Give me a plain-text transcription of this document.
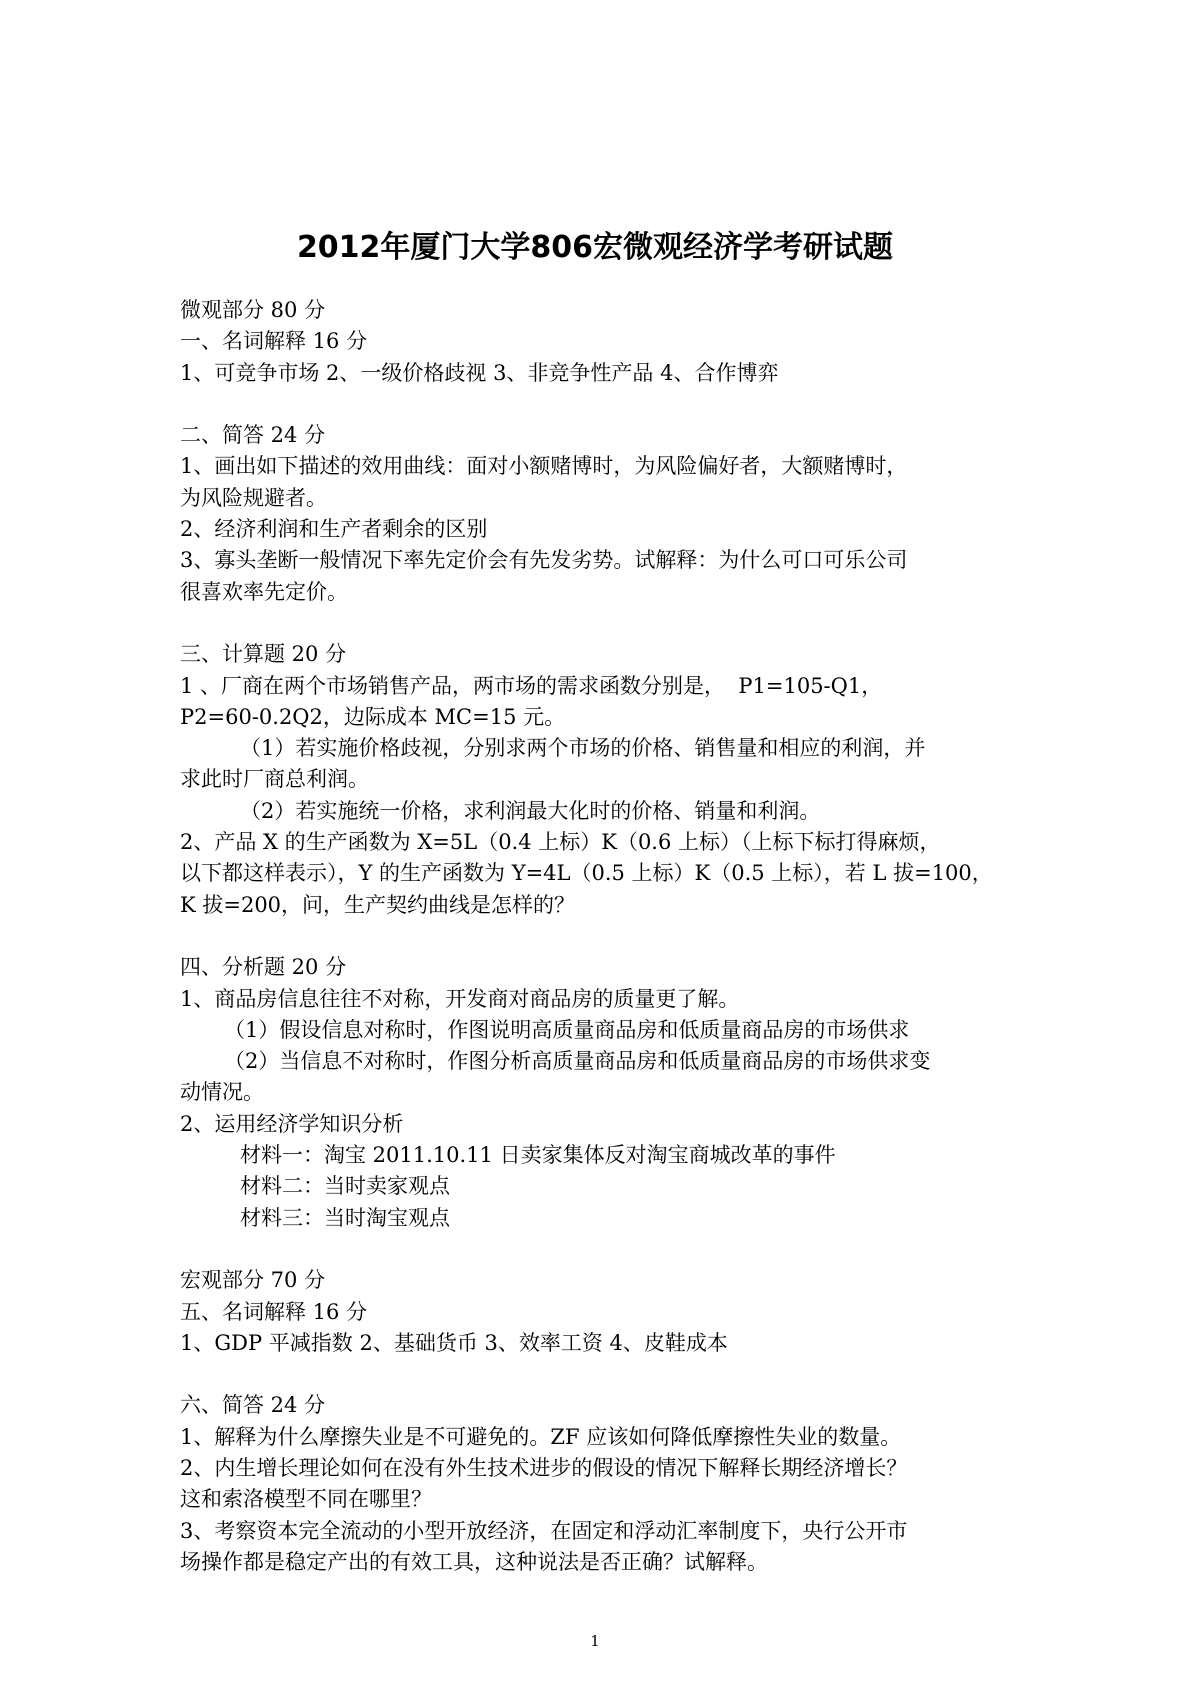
2012年厦门大学806宏微观经济学考研试题
微观部分 80 分
一、名词解释 16 分
1、可竞争市场 2、一级价格歧视 3、非竞争性产品 4、合作博弈
二、简答 24 分
1、画出如下描述的效用曲线：面对小额赌博时，为风险偏好者，大额赌博时，
为风险规避者。
2、经济利润和生产者剩余的区别
3、寡头垄断一般情况下率先定价会有先发劣势。试解释：为什么可口可乐公司
很喜欢率先定价。
三、计算题 20 分
1 、厂商在两个市场销售产品，两市场的需求函数分别是，  P1=105-Q1，
P2=60-0.2Q2，边际成本 MC=15 元。
（1）若实施价格歧视，分别求两个市场的价格、销售量和相应的利润，并
求此时厂商总利润。
（2）若实施统一价格，求利润最大化时的价格、销量和利润。
2、产品 X 的生产函数为 X=5L（0.4 上标）K（0.6 上标）（上标下标打得麻烦，
以下都这样表示），Y 的生产函数为 Y=4L（0.5 上标）K（0.5 上标），若 L 拔=100，
K 拔=200，问，生产契约曲线是怎样的？
四、分析题 20 分
1、商品房信息往往不对称，开发商对商品房的质量更了解。
（1）假设信息对称时，作图说明高质量商品房和低质量商品房的市场供求
（2）当信息不对称时，作图分析高质量商品房和低质量商品房的市场供求变
动情况。
2、运用经济学知识分析
材料一：淘宝 2011.10.11 日卖家集体反对淘宝商城改革的事件
材料二：当时卖家观点
材料三：当时淘宝观点
宏观部分 70 分
五、名词解释 16 分
1、GDP 平减指数 2、基础货币 3、效率工资 4、皮鞋成本
六、简答 24 分
1、解释为什么摩擦失业是不可避免的。ZF 应该如何降低摩擦性失业的数量。
2、内生增长理论如何在没有外生技术进步的假设的情况下解释长期经济增长？
这和索洛模型不同在哪里？
3、考察资本完全流动的小型开放经济，在固定和浮动汇率制度下，央行公开市
场操作都是稳定产出的有效工具，这种说法是否正确？试解释。
1
